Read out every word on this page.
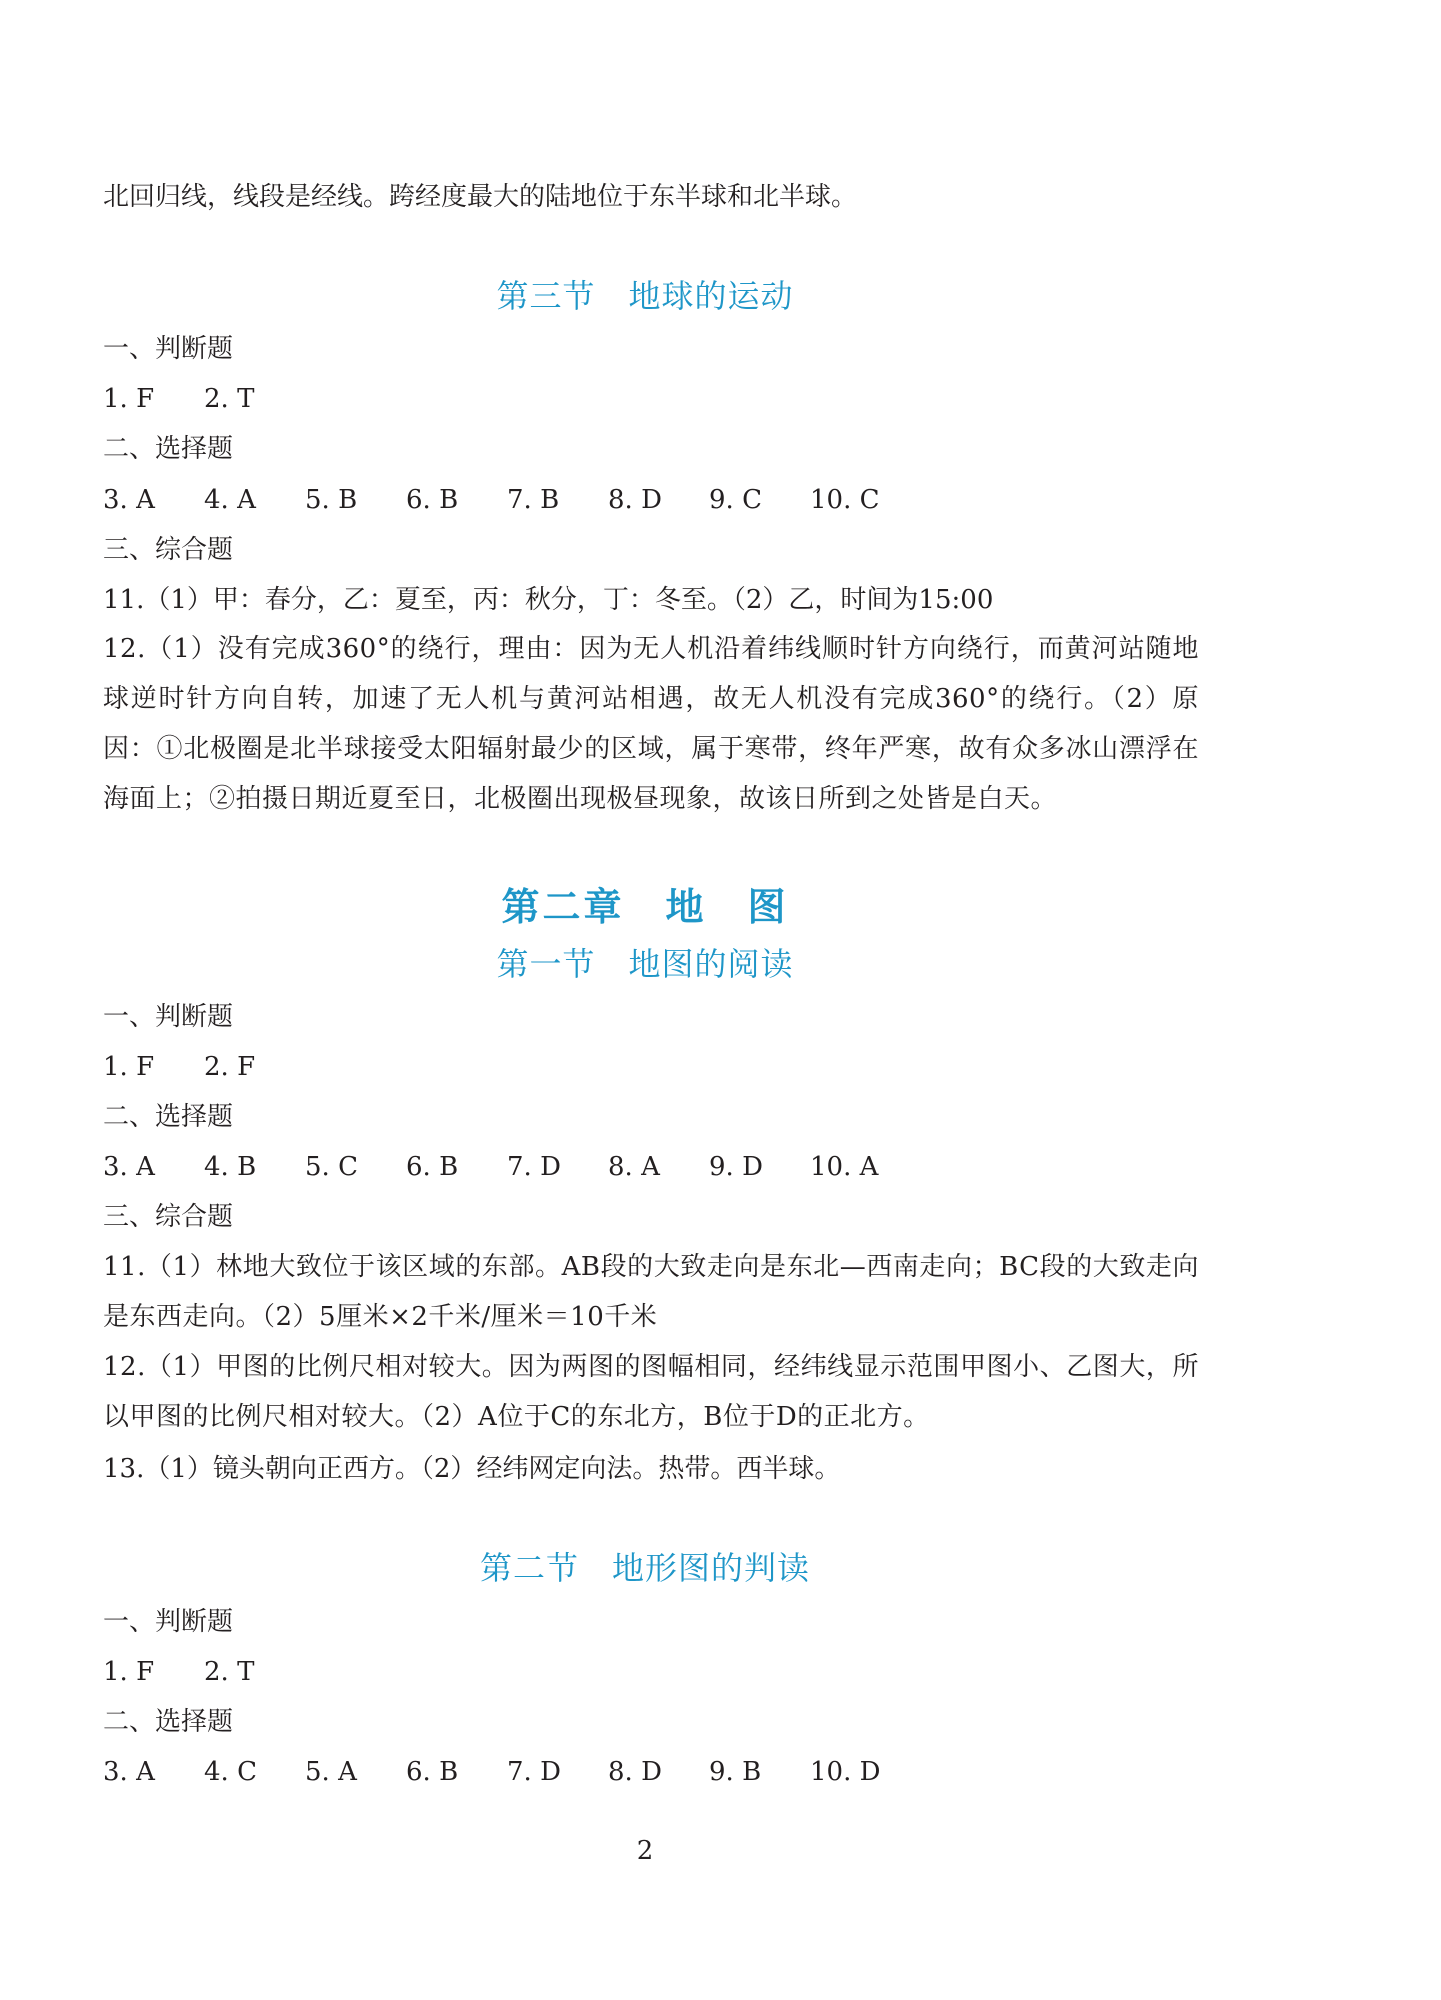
北回归线，线段是经线。跨经度最大的陆地位于东半球和北半球。
第三节　地球的运动
一、判断题
1. F 2. T
二、选择题
3. A 4. A 5. B 6. B 7. B 8. D 9. C 10. C
三、综合题
11.（1）甲：春分，乙：夏至，丙：秋分，丁：冬至。（2）乙，时间为15:00
12.（1）没有完成360°的绕行，理由：因为无人机沿着纬线顺时针方向绕行，而黄河站随地球逆时针方向自转，加速了无人机与黄河站相遇，故无人机没有完成360°的绕行。（2）原因：①北极圈是北半球接受太阳辐射最少的区域，属于寒带，终年严寒，故有众多冰山漂浮在海面上；②拍摄日期近夏至日，北极圈出现极昼现象，故该日所到之处皆是白天。
第二章　地　图
第一节　地图的阅读
一、判断题
1. F 2. F
二、选择题
3. A 4. B 5. C 6. B 7. D 8. A 9. D 10. A
三、综合题
11.（1）林地大致位于该区域的东部。AB段的大致走向是东北—西南走向；BC段的大致走向是东西走向。（2）5厘米×2千米/厘米＝10千米
12.（1）甲图的比例尺相对较大。因为两图的图幅相同，经纬线显示范围甲图小、乙图大，所以甲图的比例尺相对较大。（2）A位于C的东北方，B位于D的正北方。
13.（1）镜头朝向正西方。（2）经纬网定向法。热带。西半球。
第二节　地形图的判读
一、判断题
1. F 2. T
二、选择题
3. A 4. C 5. A 6. B 7. D 8. D 9. B 10. D
2
